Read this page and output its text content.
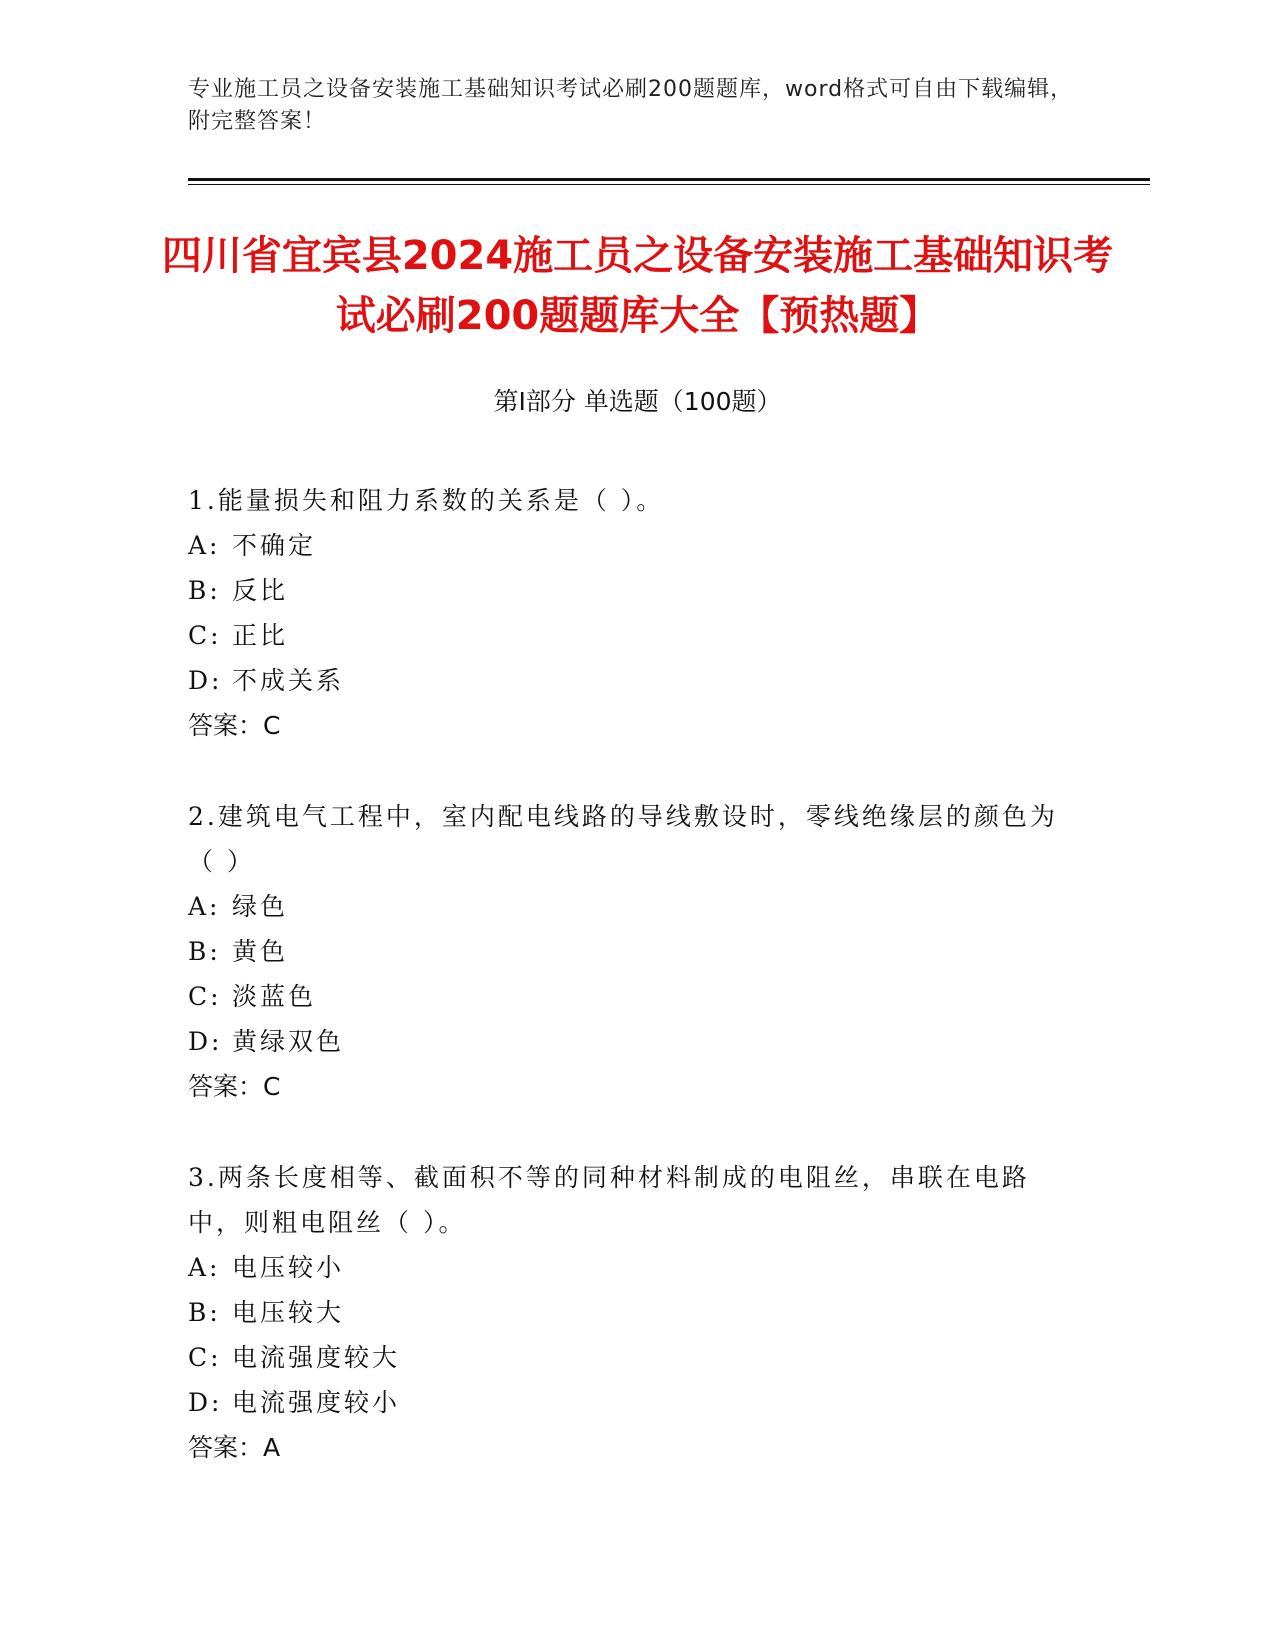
专业施工员之设备安装施工基础知识考试必刷200题题库，word格式可自由下载编辑，附完整答案！
四川省宜宾县2024施工员之设备安装施工基础知识考试必刷200题题库大全【预热题】
第Ⅰ部分 单选题（100题）

1.能量损失和阻力系数的关系是（ ）。

A: 不确定
B: 反比
C: 正比
D: 不成关系
答案：C

2.建筑电气工程中，室内配电线路的导线敷设时，零线绝缘层的颜色为（ ）

A: 绿色
B: 黄色
C: 淡蓝色
D: 黄绿双色
答案：C

3.两条长度相等、截面积不等的同种材料制成的电阻丝，串联在电路中，则粗电阻丝（ ）。

A: 电压较小
B: 电压较大
C: 电流强度较大
D: 电流强度较小
答案：A
